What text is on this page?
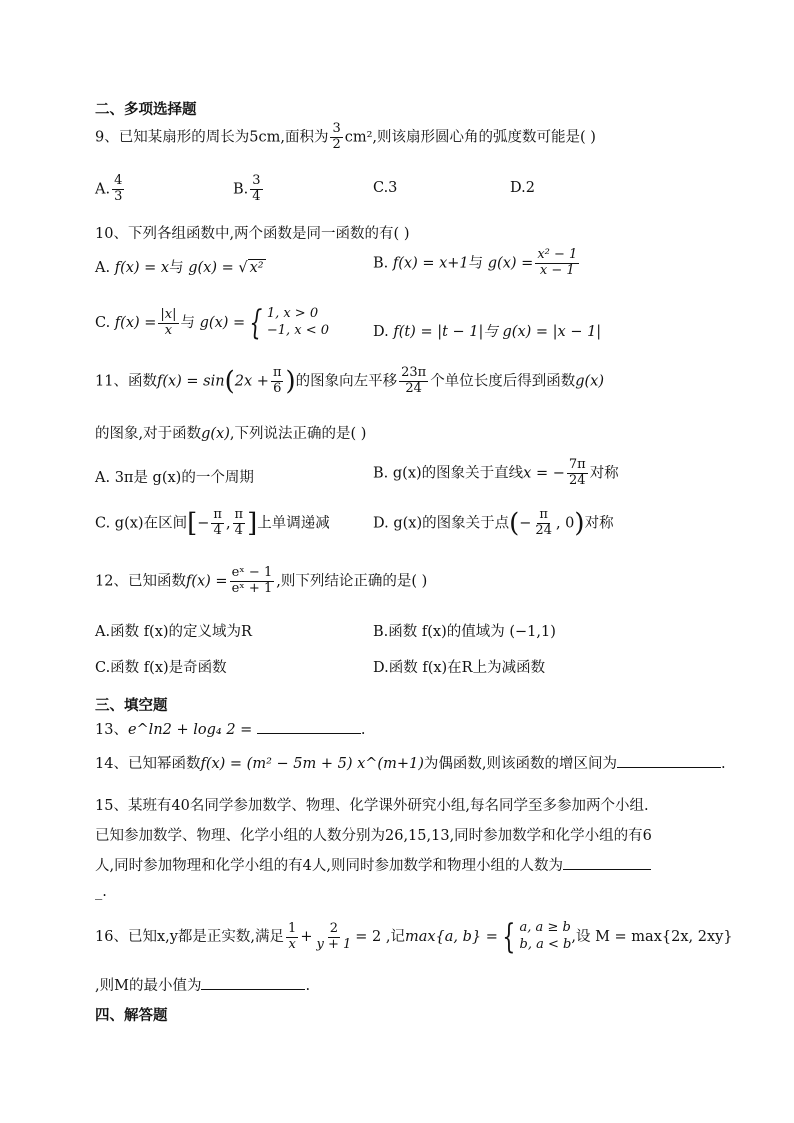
二、多项选择题
9、已知某扇形的周长为5cm,面积为 $\frac{3}{2} cm^2$,则该扇形圆心角的弧度数可能是( )
A. $\frac{4}{3}$	B. $\frac{3}{4}$	C.3	D.2
10、下列各组函数中,两个函数是同一函数的有( )
A. f(x) = x与 g(x) = √ x²	B. f(x) = x+1与 $g(x) = \frac{\text{x² − 1}}{x - 1}$
C. $f(x) = \frac{|x|}{x}$ 与 g(x) = { 1, x > 0
−1, x < 0	D. f(t) = |t − 1|与 g(x) = |x − 1|
11、函数$f(x) = \sin(2x + \frac{\pi}{6}$ )的图象向左平移 $\frac{23\pi}{24}$ 个单位长度后得到函数g(x)
的图象,对于函数g(x),下列说法正确的是( )
A. 3π是 g(x)的一个周期	B. g(x)的图象关于直线x = − $\frac{7\pi}{24}$ 对称
C. g(x)在区间[− $\frac{\pi}{4}$ , $\frac{\pi}{4}$ ]上单调递减	D. g(x)的图象关于点(− $\frac{\pi}{24}$ , 0)对称
12、已知函数$f(x) = \frac{\text{eˣ − 1}}{\text{eˣ + 1}}$ ,则下列结论正确的是( )
A.函数 f(x)的定义域为R	B.函数 f(x)的值域为 (−1,1)
C.函数 f(x)是奇函数	D.函数 f(x)在R上为减函数
三、填空题
13、e^ln2 + log₄ 2 =	.
14、已知幂函数f(x) = (m² − 5m + 5) x^(m+1)为偶函数,则该函数的增区间为	.
15、某班有40名同学参加数学、物理、化学课外研究小组,每名同学至多参加两个小组.
已知参加数学、物理、化学小组的人数分别为26,15,13,同时参加数学和化学小组的有6
人,同时参加物理和化学小组的有4人,则同时参加数学和物理小组的人数为
_.
16、已知x,y都是正实数,满足 $\frac{1}{x} + \frac{2}{y + 1} = 2$ ,记max{a, b} = { a, a ≥ b
b, a < b ,设 M = max{2x, 2xy}
,则M的最小值为	.
四、解答题
